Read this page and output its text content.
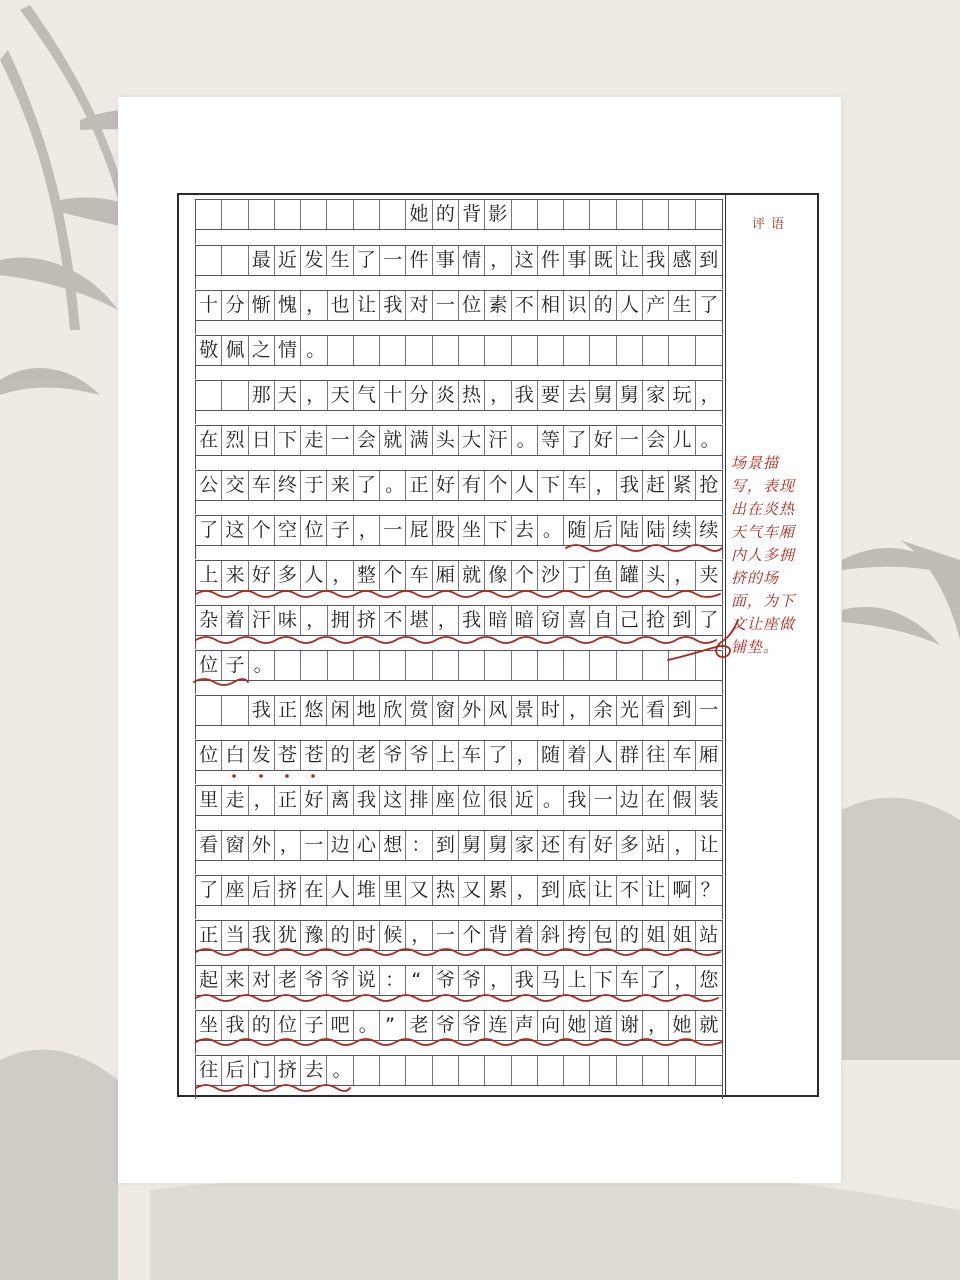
她 的 背 影
最 近 发 生 了 一 件 事 情 ， 这 件 事 既 让 我 感 到
十 分 惭 愧 ， 也 让 我 对 一 位 素 不 相 识 的 人 产 生 了
敬 佩 之 情 。
那 天 ， 天 气 十 分 炎 热 ， 我 要 去 舅 舅 家 玩 ，
在 烈 日 下 走 一 会 就 满 头 大 汗 。 等 了 好 一 会 儿 。
公 交 车 终 于 来 了 。 正 好 有 个 人 下 车 ， 我 赶 紧 抢
了 这 个 空 位 子 ， 一 屁 股 坐 下 去 。 随 后 陆 陆 续 续
上 来 好 多 人 ， 整 个 车 厢 就 像 个 沙 丁 鱼 罐 头 ， 夹
杂 着 汗 味 ， 拥 挤 不 堪 ， 我 暗 暗 窃 喜 自 己 抢 到 了
位 子 。
我 正 悠 闲 地 欣 赏 窗 外 风 景 时 ， 余 光 看 到 一
位 白 发 苍 苍 的 老 爷 爷 上 车 了 ， 随 着 人 群 往 车 厢
里 走 ， 正 好 离 我 这 排 座 位 很 近 。 我 一 边 在 假 装
看 窗 外 ， 一 边 心 想 ： 到 舅 舅 家 还 有 好 多 站 ， 让
了 座 后 挤 在 人 堆 里 又 热 又 累 ， 到 底 让 不 让 啊 ？
正 当 我 犹 豫 的 时 候 ， 一 个 背 着 斜 挎 包 的 姐 姐 站
起 来 对 老 爷 爷 说 ： “ 爷 爷 ， 我 马 上 下 车 了 ， 您
坐 我 的 位 子 吧 。 ” 老 爷 爷 连 声 向 她 道 谢 ， 她 就
往 后 门 挤 去 。
评语
场景描
写，表现
出在炎热
天气车厢
内人多拥
挤的场
面，为下
文让座做
铺垫。
